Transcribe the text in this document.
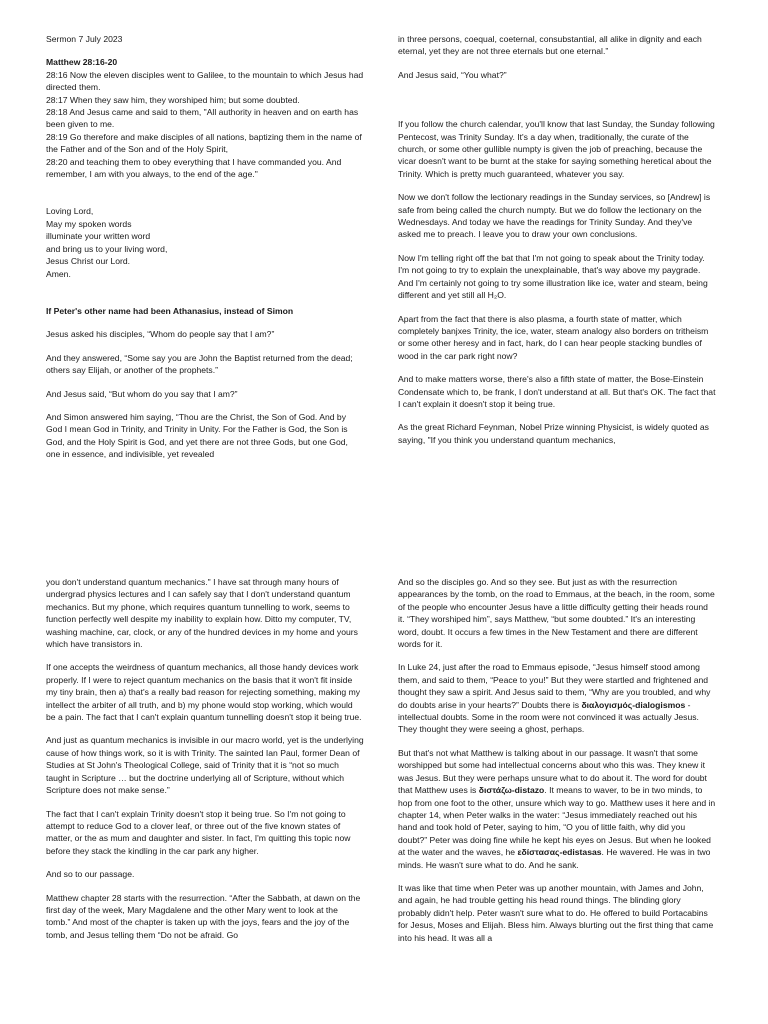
Sermon 7 July 2023

Matthew 28:16-20

28:16 Now the eleven disciples went to Galilee, to the mountain to which Jesus had directed them.
28:17 When they saw him, they worshiped him; but some doubted.
28:18 And Jesus came and said to them, "All authority in heaven and on earth has been given to me.
28:19 Go therefore and make disciples of all nations, baptizing them in the name of the Father and of the Son and of the Holy Spirit,
28:20 and teaching them to obey everything that I have commanded you. And remember, I am with you always, to the end of the age."

Loving Lord,
May my spoken words
illuminate your written word
and bring us to your living word,
Jesus Christ our Lord.
Amen.

If Peter's other name had been Athanasius, instead of Simon

Jesus asked his disciples, “Whom do people say that I am?”

And they answered, “Some say you are John the Baptist returned from the dead; others say Elijah, or another of the prophets.”

And Jesus said, “But whom do you say that I am?”

And Simon answered him saying, “Thou are the Christ, the Son of God. And by God I mean God in Trinity, and Trinity in Unity. For the Father is God, the Son is God, and the Holy Spirit is God, and yet there are not three Gods, but one God, one in essence, and indivisible, yet revealed

in three persons, coequal, coeternal, consubstantial, all alike in dignity and each eternal, yet they are not three eternals but one eternal.”

And Jesus said, “You what?”

If you follow the church calendar, you'll know that last Sunday, the Sunday following Pentecost, was Trinity Sunday. It's a day when, traditionally, the curate of the church, or some other gullible numpty is given the job of preaching, because the vicar doesn't want to be burnt at the stake for saying something heretical about the Trinity. Which is pretty much guaranteed, whatever you say.

Now we don't follow the lectionary readings in the Sunday services, so [Andrew] is safe from being called the church numpty. But we do follow the lectionary on the Wednesdays. And today we have the readings for Trinity Sunday. And they've asked me to preach. I leave you to draw your own conclusions.

Now I'm telling right off the bat that I'm not going to speak about the Trinity today. I'm not going to try to explain the unexplainable, that's way above my paygrade. And I'm certainly not going to try some illustration like ice, water and steam, being different and yet still all H₂O.

Apart from the fact that there is also plasma, a fourth state of matter, which completely banjxes Trinity, the ice, water, steam analogy also borders on tritheism or some other heresy and in fact, hark, do I can hear people stacking bundles of wood in the car park right now?

And to make matters worse, there's also a fifth state of matter, the Bose-Einstein Condensate which to, be frank, I don't understand at all. But that's OK. The fact that I can't explain it doesn't stop it being true.

As the great Richard Feynman, Nobel Prize winning Physicist, is widely quoted as saying, "If you think you understand quantum mechanics,

you don't understand quantum mechanics." I have sat through many hours of undergrad physics lectures and I can safely say that I don't understand quantum mechanics. But my phone, which requires quantum tunnelling to work, seems to function perfectly well despite my inability to explain how. Ditto my computer, TV, washing machine, car, clock, or any of the hundred devices in my home and yours which have transistors in.

If one accepts the weirdness of quantum mechanics, all those handy devices work properly. If I were to reject quantum mechanics on the basis that it won't fit inside my tiny brain, then a) that's a really bad reason for rejecting something, making my intellect the arbiter of all truth, and b) my phone would stop working, which would be a pain. The fact that I can't explain quantum tunnelling doesn't stop it being true.

And just as quantum mechanics is invisible in our macro world, yet is the underlying cause of how things work, so it is with Trinity. The sainted Ian Paul, former Dean of Studies at St John's Theological College, said of Trinity that it is “not so much taught in Scripture … but the doctrine underlying all of Scripture, without which Scripture does not make sense.”

The fact that I can't explain Trinity doesn't stop it being true. So I'm not going to attempt to reduce God to a clover leaf, or three out of the five known states of matter, or the as mum and daughter and sister. In fact, I'm quitting this topic now before they stack the kindling in the car park any higher.

And so to our passage.

Matthew chapter 28 starts with the resurrection. “After the Sabbath, at dawn on the first day of the week, Mary Magdalene and the other Mary went to look at the tomb.” And most of the chapter is taken up with the joys, fears and the joy of the tomb, and Jesus telling them “Do not be afraid. Go

And so the disciples go. And so they see. But just as with the resurrection appearances by the tomb, on the road to Emmaus, at the beach, in the room, some of the people who encounter Jesus have a little difficulty getting their heads round it. “They worshiped him”, says Matthew, “but some doubted.” It's an interesting word, doubt. It occurs a few times in the New Testament and there are different words for it.

In Luke 24, just after the road to Emmaus episode, “Jesus himself stood among them, and said to them, “Peace to you!” But they were startled and frightened and thought they saw a spirit. And Jesus said to them, “Why are you troubled, and why do doubts arise in your hearts?” Doubts there is διαλογισμός-dialogismos - intellectual doubts. Some in the room were not convinced it was actually Jesus. They thought they were seeing a ghost, perhaps.

But that's not what Matthew is talking about in our passage. It wasn't that some worshipped but some had intellectual concerns about who this was. They knew it was Jesus. But they were perhaps unsure what to do about it. The word for doubt that Matthew uses is διστάζω-distazo. It means to waver, to be in two minds, to hop from one foot to the other, unsure which way to go. Matthew uses it here and in chapter 14, when Peter walks in the water: “Jesus immediately reached out his hand and took hold of Peter, saying to him, “O you of little faith, why did you doubt?” Peter was doing fine while he kept his eyes on Jesus. But when he looked at the water and the waves, he εδίστασας-edistasas. He wavered. He was in two minds. He wasn't sure what to do. And he sank.

It was like that time when Peter was up another mountain, with James and John, and again, he had trouble getting his head round things. The blinding glory probably didn't help. Peter wasn't sure what to do. He offered to build Portacabins for Jesus, Moses and Elijah. Bless him. Always blurting out the first thing that came into his head. It was all a
